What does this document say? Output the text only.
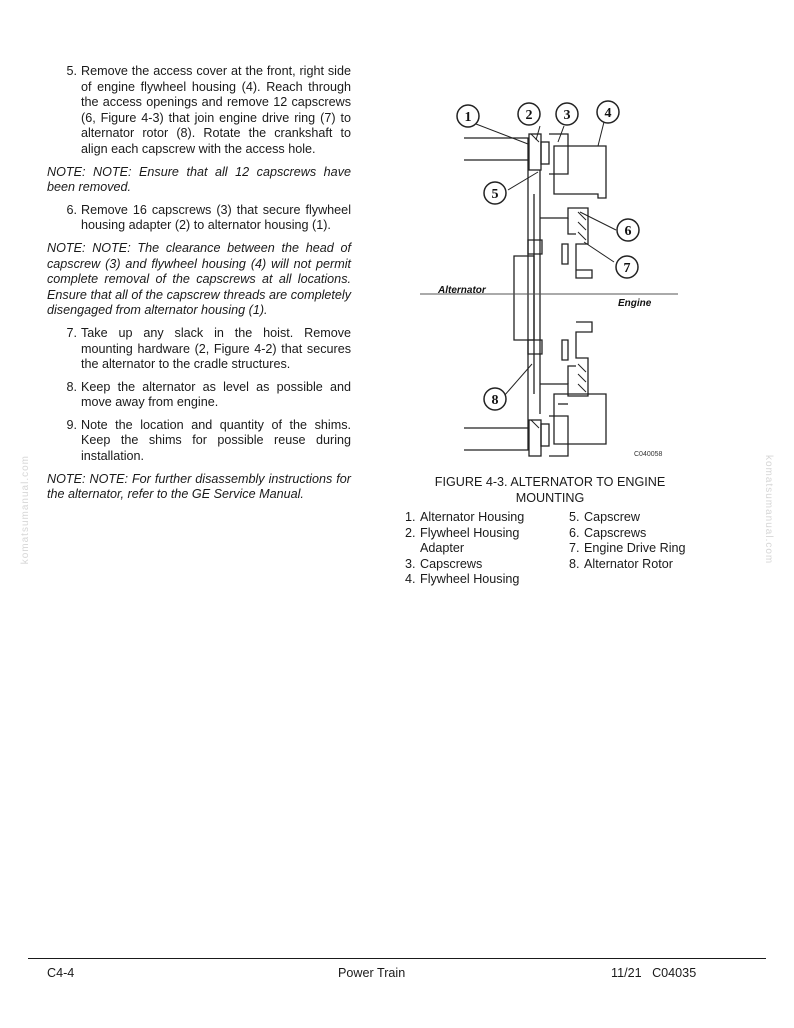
5. Remove the access cover at the front, right side of engine flywheel housing (4). Reach through the access openings and remove 12 capscrews (6, Figure 4-3) that join engine drive ring (7) to alternator rotor (8). Rotate the crankshaft to align each capscrew with the access hole.
NOTE: NOTE: Ensure that all 12 capscrews have been removed.
6. Remove 16 capscrews (3) that secure flywheel housing adapter (2) to alternator housing (1).
NOTE: NOTE: The clearance between the head of capscrew (3) and flywheel housing (4) will not permit complete removal of the capscrews at all locations. Ensure that all of the capscrew threads are completely disengaged from alternator housing (1).
7. Take up any slack in the hoist. Remove mounting hardware (2, Figure 4-2) that secures the alternator to the cradle structures.
8. Keep the alternator as level as possible and move away from engine.
9. Note the location and quantity of the shims. Keep the shims for possible reuse during installation.
NOTE: NOTE: For further disassembly instructions for the alternator, refer to the GE Service Manual.
1	2 3 4
5
6
7
8
Alternator
Engine
C040058
FIGURE 4-3. ALTERNATOR TO ENGINE MOUNTING
1. Alternator Housing
2. Flywheel Housing Adapter
3. Capscrews
4. Flywheel Housing
5. Capscrew
6. Capscrews
7. Engine Drive Ring
8. Alternator Rotor
komatsumanual.com	komatsumanual.com
C4-4	Power Train	11/21   C04035
